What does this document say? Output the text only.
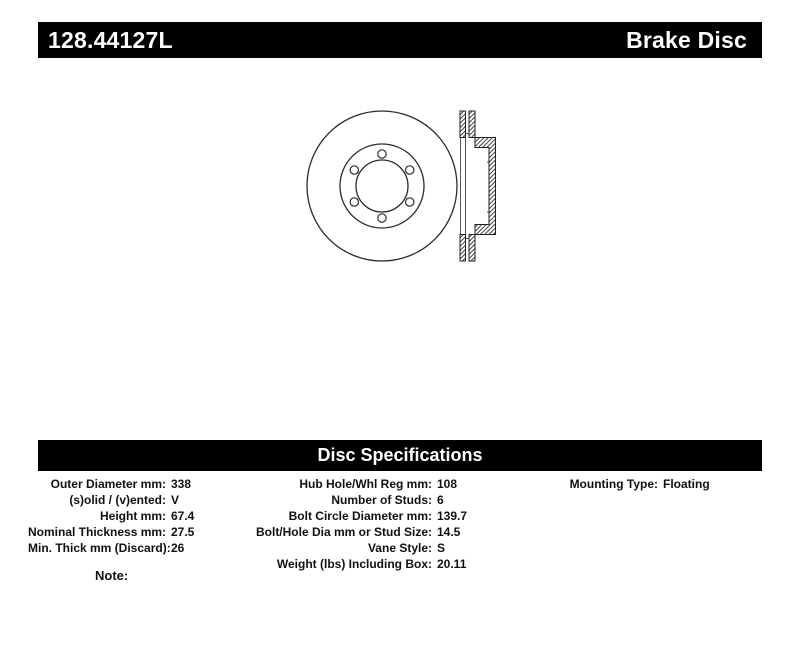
128.44127L	Brake Disc
Disc Specifications
Outer Diameter mm: 338
(s)olid / (v)ented: V
Height mm: 67.4
Nominal Thickness mm: 27.5
Min. Thick mm (Discard): 26
Hub Hole/Whl Reg mm: 108
Number of Studs: 6
Bolt Circle Diameter mm: 139.7
Bolt/Hole Dia mm or Stud Size: 14.5
Vane Style: S
Weight (lbs) Including Box: 20.11
Mounting Type: Floating
Note:
